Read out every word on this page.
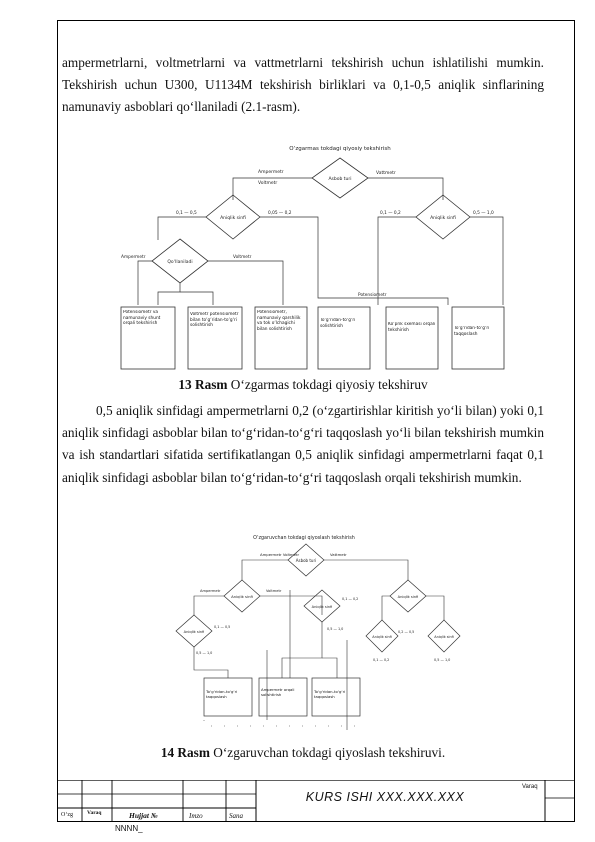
ampermetrlarni, voltmetrlarni va vattmetrlarni tekshirish uchun ishlatilishi mumkin. Tekshirish uchun U300, U1134M tekshirish birliklari va 0,1-0,5 aniqlik sinflarining namunaviy asboblari qo‘llaniladi (2.1-rasm).

O‘zgarmas tokdagi qiyosiy tekshirish
Asbob turi
Ampermetr
Voltmetr
Vattmetr
Aniqlik sinfi	Aniqlik sinfi
0,1 — 0,5	0,05 — 0,2	0,1 — 0,2	0,5 — 1,0
Qo‘llaniladi
Ampermetr	Voltmetr
Potensiometr
Potensiometr va namunaviy shunt orqali tekshirish
Voltmetr potensiometr bilan to‘g‘ridan-to‘g‘ri solishtirish
Potensiometr, namunaviy qarshilik va tok o‘lchagichi bilan solishtirish
To‘g‘ridan-to‘g‘ri solishtirish	Ko‘prik sxemasi orqali tekshirish	To‘g‘ridan-to‘g‘ri taqqoslash

13 Rasm O‘zgarmas tokdagi qiyosiy tekshiruv

0,5 aniqlik sinfidagi ampermetrlarni 0,2 (o‘zgartirishlar kiritish yo‘li bilan) yoki 0,1 aniqlik sinfidagi asboblar bilan to‘g‘ridan-to‘g‘ri taqqoslash yo‘li bilan tekshirish mumkin va ish standartlari sifatida sertifikatlangan 0,5 aniqlik sinfidagi ampermetrlarni faqat 0,1 aniqlik sinfidagi asboblar bilan to‘g‘ridan-to‘g‘ri taqqoslash orqali tekshirish mumkin.

O‘zgaruvchan tokdagi qiyoslash tekshirish
Asbob turi
Ampermetr Voltmetr	Vattmetr
Aniqlik sinfi
Ampermetr	Voltmetr
Aniqlik sinfi
0,1 — 0,5
0,5 — 1,0
Aniqlik sinfi
0,1 — 0,2
0,5 — 1,0
Aniqlik sinfi
Aniqlik sinfi	Aniqlik sinfi
0,1 — 0,2	0,5 — 1,0
0,2 — 0,5
To‘g‘ridan-to‘g‘ri taqqoslash
Ampermetr orqali solishtirish
To‘g‘ridan-to‘g‘ri taqqoslash

14 Rasm O‘zgaruvchan tokdagi qiyoslash tekshiruvi.

O‘zg	Varaq	Hujjat №	Imzo	Sana
KURS ISHI XXX.XXX.XXX
Varaq
NNNN_
